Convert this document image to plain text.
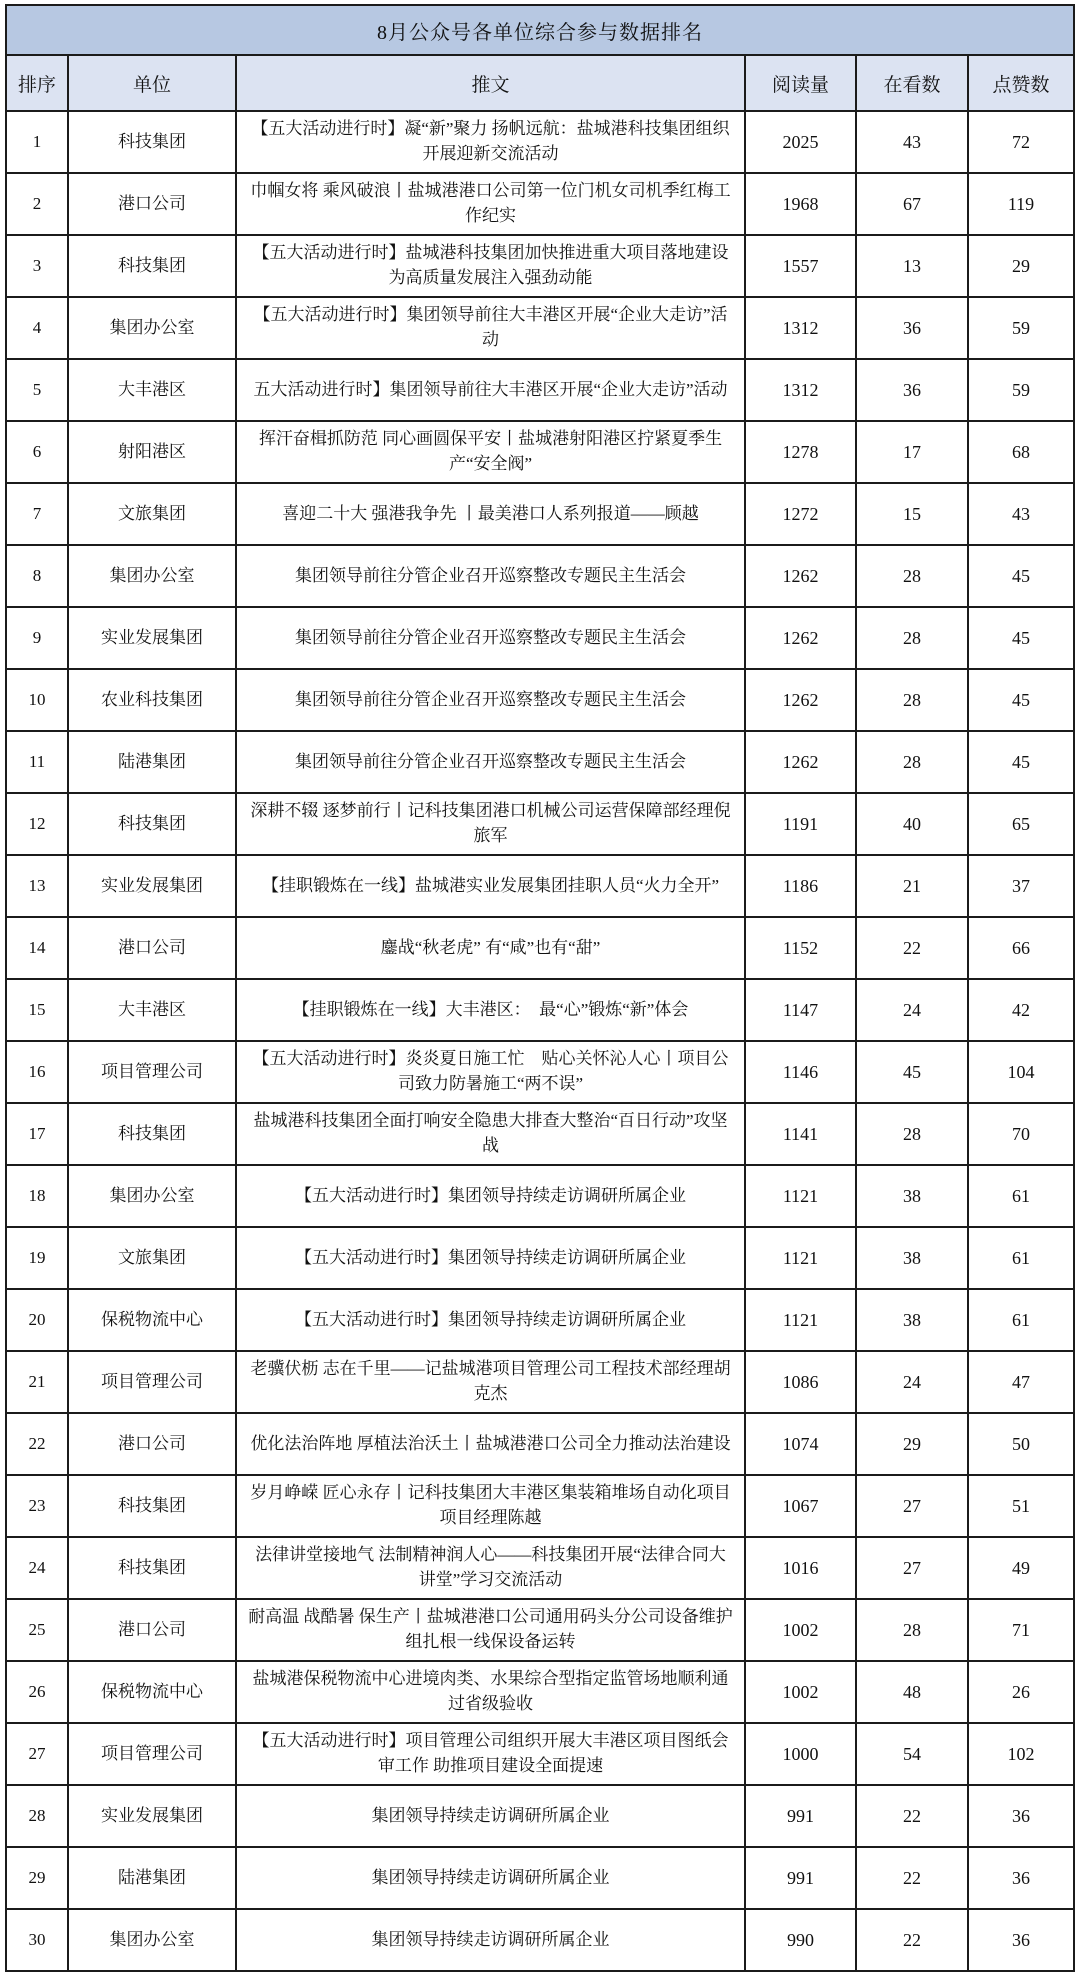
8月公众号各单位综合参与数据排名					
排序	单位	推文	阅读量	在看数	点赞数
1	科技集团	【五大活动进行时】凝“新”聚力 扬帆远航：盐城港科技集团组织开展迎新交流活动	2025	43	72
2	港口公司	巾帼女将 乘风破浪丨盐城港港口公司第一位门机女司机季红梅工作纪实	1968	67	119
3	科技集团	【五大活动进行时】盐城港科技集团加快推进重大项目落地建设为高质量发展注入强劲动能	1557	13	29
4	集团办公室	【五大活动进行时】集团领导前往大丰港区开展“企业大走访”活动	1312	36	59
5	大丰港区	五大活动进行时】集团领导前往大丰港区开展“企业大走访”活动	1312	36	59
6	射阳港区	挥汗奋楫抓防范 同心画圆保平安丨盐城港射阳港区拧紧夏季生产“安全阀”	1278	17	68
7	文旅集团	喜迎二十大 强港我争先 丨最美港口人系列报道——顾越	1272	15	43
8	集团办公室	集团领导前往分管企业召开巡察整改专题民主生活会	1262	28	45
9	实业发展集团	集团领导前往分管企业召开巡察整改专题民主生活会	1262	28	45
10	农业科技集团	集团领导前往分管企业召开巡察整改专题民主生活会	1262	28	45
11	陆港集团	集团领导前往分管企业召开巡察整改专题民主生活会	1262	28	45
12	科技集团	深耕不辍 逐梦前行丨记科技集团港口机械公司运营保障部经理倪旅军	1191	40	65
13	实业发展集团	【挂职锻炼在一线】盐城港实业发展集团挂职人员“火力全开”	1186	21	37
14	港口公司	鏖战“秋老虎” 有“咸”也有“甜”	1152	22	66
15	大丰港区	【挂职锻炼在一线】大丰港区：　最“心”锻炼“新”体会	1147	24	42
16	项目管理公司	【五大活动进行时】炎炎夏日施工忙　贴心关怀沁人心丨项目公司致力防暑施工“两不误”	1146	45	104
17	科技集团	盐城港科技集团全面打响安全隐患大排查大整治“百日行动”攻坚战	1141	28	70
18	集团办公室	【五大活动进行时】集团领导持续走访调研所属企业	1121	38	61
19	文旅集团	【五大活动进行时】集团领导持续走访调研所属企业	1121	38	61
20	保税物流中心	【五大活动进行时】集团领导持续走访调研所属企业	1121	38	61
21	项目管理公司	老骥伏枥 志在千里——记盐城港项目管理公司工程技术部经理胡克杰	1086	24	47
22	港口公司	优化法治阵地 厚植法治沃土丨盐城港港口公司全力推动法治建设	1074	29	50
23	科技集团	岁月峥嵘 匠心永存丨记科技集团大丰港区集装箱堆场自动化项目项目经理陈越	1067	27	51
24	科技集团	法律讲堂接地气 法制精神润人心——科技集团开展“法律合同大讲堂”学习交流活动	1016	27	49
25	港口公司	耐高温 战酷暑 保生产丨盐城港港口公司通用码头分公司设备维护组扎根一线保设备运转	1002	28	71
26	保税物流中心	盐城港保税物流中心进境肉类、水果综合型指定监管场地顺利通过省级验收	1002	48	26
27	项目管理公司	【五大活动进行时】项目管理公司组织开展大丰港区项目图纸会审工作 助推项目建设全面提速	1000	54	102
28	实业发展集团	集团领导持续走访调研所属企业	991	22	36
29	陆港集团	集团领导持续走访调研所属企业	991	22	36
30	集团办公室	集团领导持续走访调研所属企业	990	22	36
